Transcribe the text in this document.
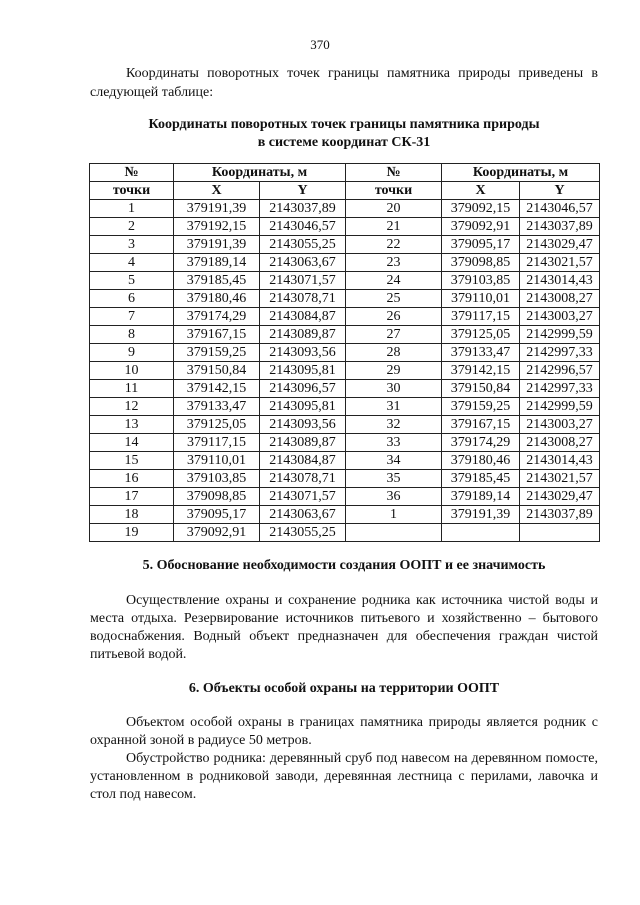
370

Координаты поворотных точек границы памятника природы приведены в следующей таблице:

Координаты поворотных точек границы памятника природы
в системе координат СК-31
№	Координаты, м		№	Координаты, м	
точки	X	Y	точки	X	Y
1	379191,39	2143037,89	20	379092,15	2143046,57
2	379192,15	2143046,57	21	379092,91	2143037,89
3	379191,39	2143055,25	22	379095,17	2143029,47
4	379189,14	2143063,67	23	379098,85	2143021,57
5	379185,45	2143071,57	24	379103,85	2143014,43
6	379180,46	2143078,71	25	379110,01	2143008,27
7	379174,29	2143084,87	26	379117,15	2143003,27
8	379167,15	2143089,87	27	379125,05	2142999,59
9	379159,25	2143093,56	28	379133,47	2142997,33
10	379150,84	2143095,81	29	379142,15	2142996,57
11	379142,15	2143096,57	30	379150,84	2142997,33
12	379133,47	2143095,81	31	379159,25	2142999,59
13	379125,05	2143093,56	32	379167,15	2143003,27
14	379117,15	2143089,87	33	379174,29	2143008,27
15	379110,01	2143084,87	34	379180,46	2143014,43
16	379103,85	2143078,71	35	379185,45	2143021,57
17	379098,85	2143071,57	36	379189,14	2143029,47
18	379095,17	2143063,67	1	379191,39	2143037,89
19	379092,91	2143055,25			
5. Обоснование необходимости создания ООПТ и ее значимость

Осуществление охраны и сохранение родника как источника чистой воды и места отдыха. Резервирование источников питьевого и хозяйственно – бытового водоснабжения. Водный объект предназначен для обеспечения граждан чистой питьевой водой.

6. Объекты особой охраны на территории ООПТ

Объектом особой охраны в границах памятника природы является родник с охранной зоной в радиусе 50 метров.

Обустройство родника: деревянный сруб под навесом на деревянном помосте, установленном в родниковой заводи, деревянная лестница с перилами, лавочка и стол под навесом.
